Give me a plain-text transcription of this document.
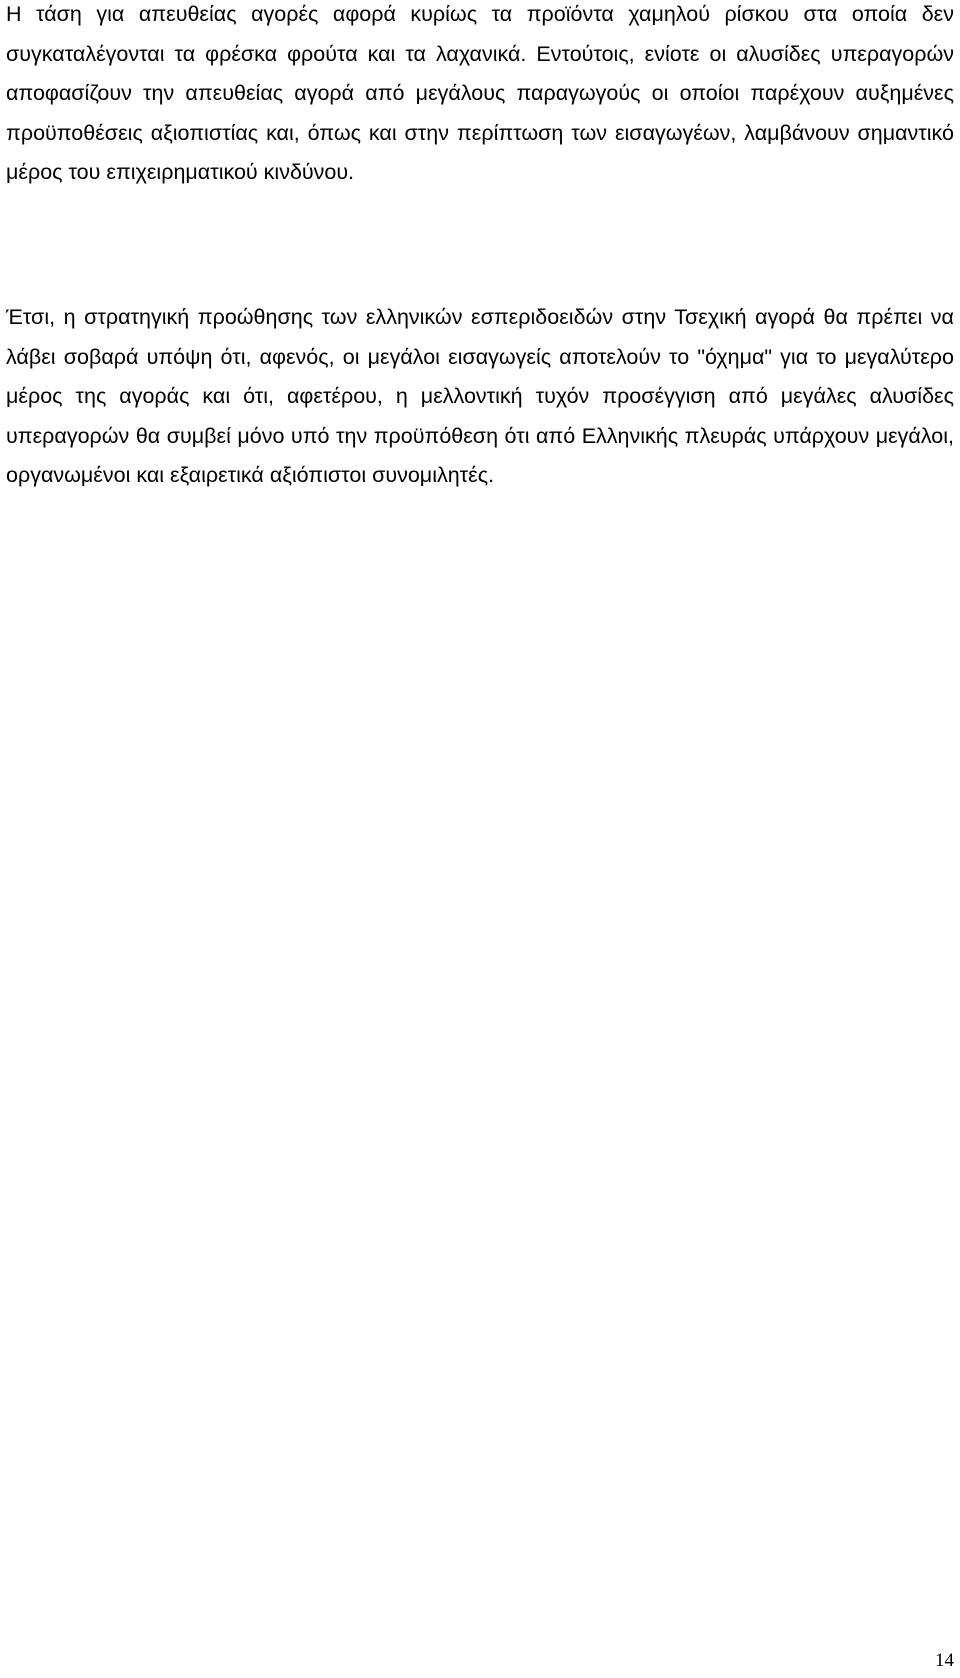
Η τάση για απευθείας αγορές αφορά κυρίως τα προϊόντα χαμηλού ρίσκου στα οποία δεν συγκαταλέγονται τα φρέσκα φρούτα και τα λαχανικά. Εντούτοις, ενίοτε οι αλυσίδες υπεραγορών αποφασίζουν την απευθείας αγορά από μεγάλους παραγωγούς οι οποίοι παρέχουν αυξημένες προϋποθέσεις αξιοπιστίας και, όπως και στην περίπτωση των εισαγωγέων, λαμβάνουν σημαντικό μέρος του επιχειρηματικού κινδύνου.

Έτσι, η στρατηγική προώθησης των ελληνικών εσπεριδοειδών στην Τσεχική αγορά θα πρέπει να λάβει σοβαρά υπόψη ότι, αφενός, οι μεγάλοι εισαγωγείς αποτελούν το "όχημα" για το μεγαλύτερο μέρος της αγοράς και ότι, αφετέρου, η μελλοντική τυχόν προσέγγιση από μεγάλες αλυσίδες υπεραγορών θα συμβεί μόνο υπό την προϋπόθεση ότι από Ελληνικής πλευράς υπάρχουν μεγάλοι, οργανωμένοι και εξαιρετικά αξιόπιστοι συνομιλητές.

14
